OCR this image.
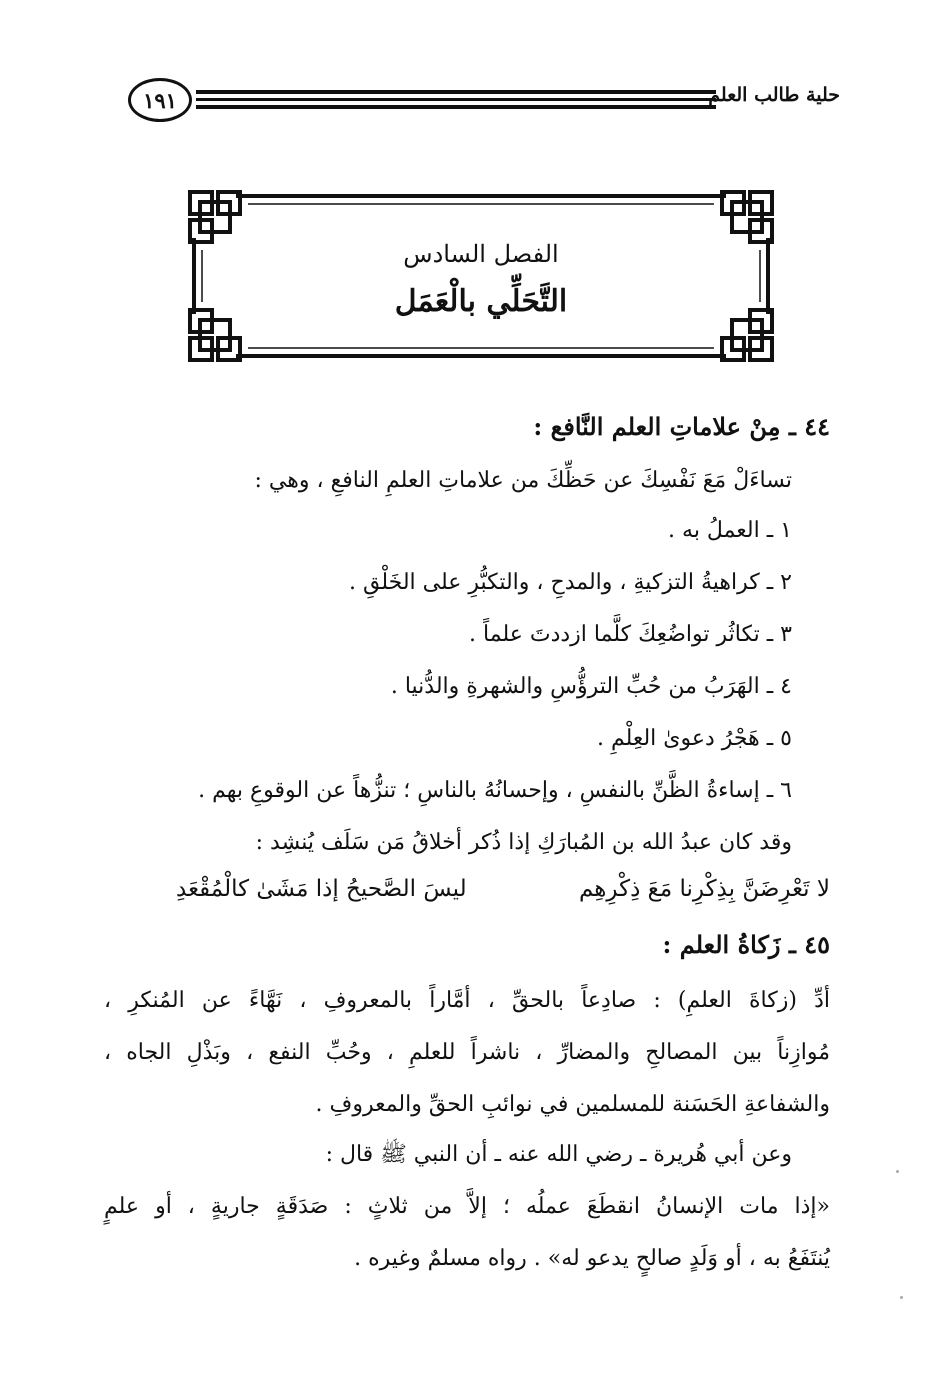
١٩١	حلية طالب العلم
الفصل السادس
التَّحَلِّي بالْعَمَل
٤٤ ـ مِنْ علاماتِ العلم النَّافع :
تساءَلْ مَعَ نَفْسِكَ عن حَظِّكَ من علاماتِ العلمِ النافعِ ، وهي :
١ ـ العملُ به .
٢ ـ كراهيةُ التزكيةِ ، والمدحِ ، والتكبُّرِ على الخَلْقِ .
٣ ـ تكاثُر تواضُعِكَ كلَّما ازددتَ علماً .
٤ ـ الهَرَبُ من حُبِّ الترؤُّسِ والشهرةِ والدُّنيا .
٥ ـ هَجْرُ دعوىٰ العِلْمِ .
٦ ـ إساءةُ الظَّنِّ بالنفسِ ، وإحسانُهُ بالناسِ ؛ تنزُّهاً عن الوقوعِ بهم .
وقد كان عبدُ الله بن المُبارَكِ إذا ذُكر أخلاقُ مَن سَلَف يُنشِد :
لا تَعْرِضَنَّ بِذِكْرِنا مَعَ ذِكْرِهِم
ليسَ الصَّحيحُ إذا مَشَىٰ كالْمُقْعَدِ
٤٥ ـ زَكاةُ العلم :
أدِّ (زكاةَ العلمِ) : صادِعاً بالحقِّ ، أمَّاراً بالمعروفِ ، نَهَّاءً عن المُنكرِ ،
مُوازِناً بين المصالحِ والمضارِّ ، ناشراً للعلمِ ، وحُبِّ النفع ، وبَذْلِ الجاه ،
والشفاعةِ الحَسَنة للمسلمين في نوائبِ الحقِّ والمعروفِ .
وعن أبي هُريرة ـ رضي الله عنه ـ أن النبي ﷺ قال :
«إذا مات الإنسانُ انقطَعَ عملُه ؛ إلاَّ من ثلاثٍ : صَدَقَةٍ جاريةٍ ، أو علمٍ
يُنتَفَعُ به ، أو وَلَدٍ صالحٍ يدعو له» . رواه مسلمٌ وغيره .
